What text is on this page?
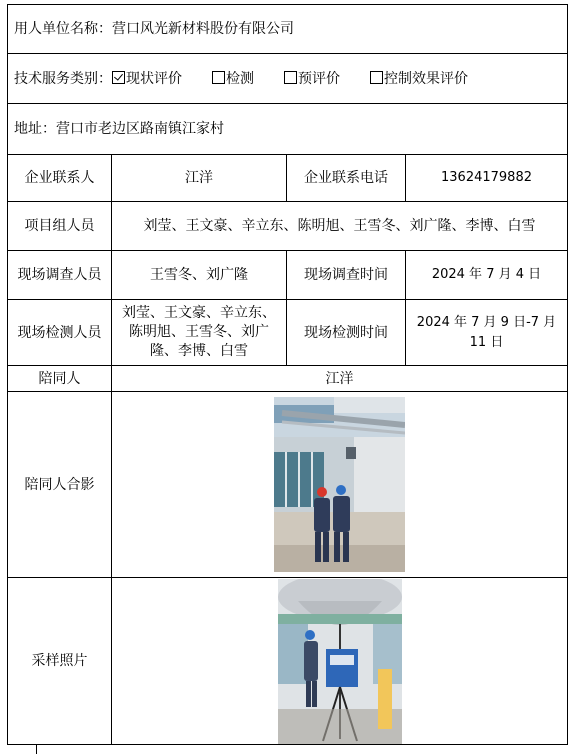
用人单位名称：营口风光新材料股份有限公司			
技术服务类别： 现状评价 检测 预评价 控制效果评价			
地址：营口市老边区路南镇江家村			
企业联系人	江洋	企业联系电话	13624179882
项目组人员	刘莹、王文豪、辛立东、陈明旭、王雪冬、刘广隆、李博、白雪		
现场调查人员	王雪冬、刘广隆	现场调查时间	2024 年 7 月 4 日
现场检测人员	刘莹、王文豪、辛立东、陈明旭、王雪冬、刘广隆、李博、白雪	现场检测时间	2024 年 7 月 9 日-7 月 11 日
陪同人	江洋		
陪同人合影	

采样照片	
